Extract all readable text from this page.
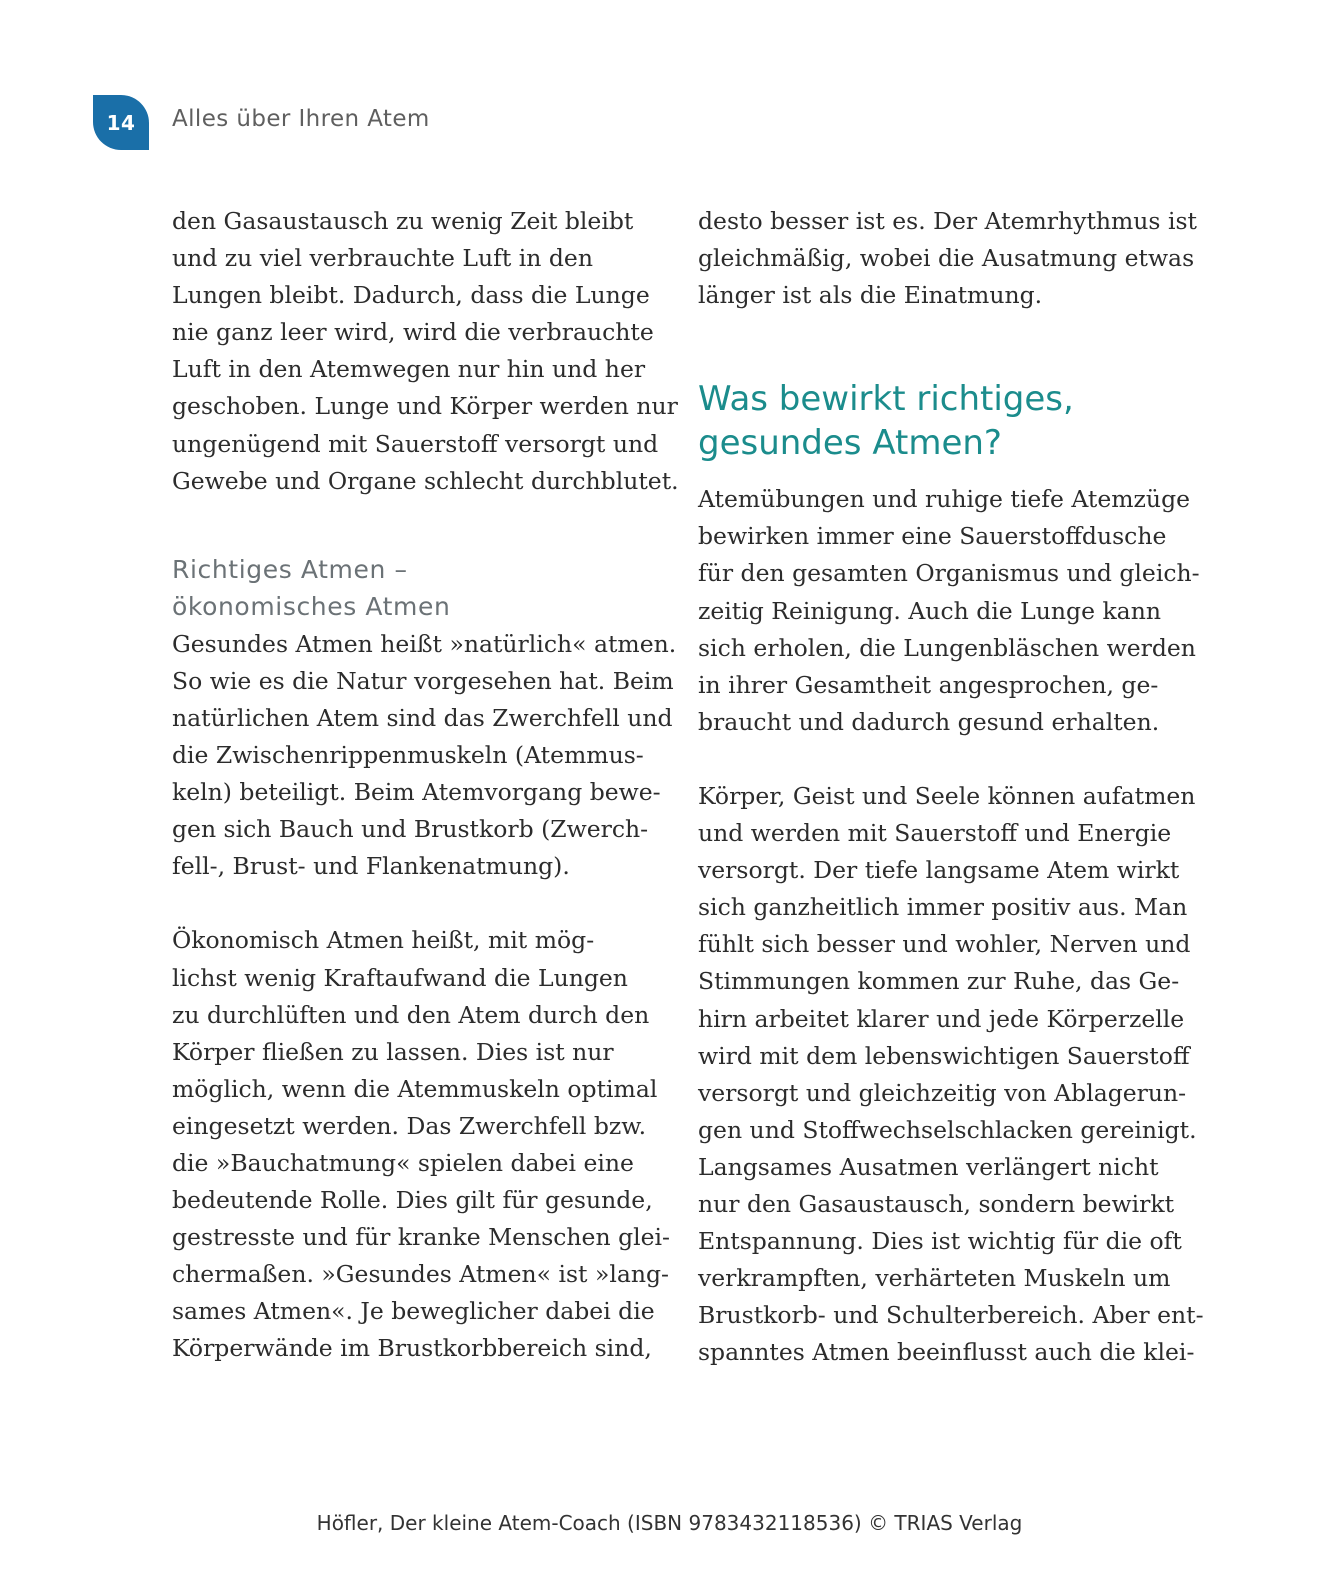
14	Alles über Ihren Atem
den Gasaustausch zu wenig Zeit bleibt
und zu viel verbrauchte Luft in den
Lungen bleibt. Dadurch, dass die Lunge
nie ganz leer wird, wird die verbrauchte
Luft in den Atemwegen nur hin und her
geschoben. Lunge und Körper werden nur
ungenügend mit Sauerstoff versorgt und
Gewebe und Organe schlecht durchblutet.
Richtiges Atmen –
ökonomisches Atmen
Gesundes Atmen heißt »natürlich« atmen.
So wie es die Natur vorgesehen hat. Beim
natürlichen Atem sind das Zwerchfell und
die Zwischenrippenmuskeln (Atemmus-
keln) beteiligt. Beim Atemvorgang bewe-
gen sich Bauch und Brustkorb (Zwerch-
fell-, Brust- und Flankenatmung).
Ökonomisch Atmen heißt, mit mög-
lichst wenig Kraftaufwand die Lungen
zu durchlüften und den Atem durch den
Körper fließen zu lassen. Dies ist nur
möglich, wenn die Atemmuskeln optimal
eingesetzt werden. Das Zwerchfell bzw.
die »Bauchatmung« spielen dabei eine
bedeutende Rolle. Dies gilt für gesunde,
gestresste und für kranke Menschen glei-
chermaßen. »Gesundes Atmen« ist »lang-
sames Atmen«. Je beweglicher dabei die
Körperwände im Brustkorbbereich sind,
desto besser ist es. Der Atemrhythmus ist
gleichmäßig, wobei die Ausatmung etwas
länger ist als die Einatmung.
Was bewirkt richtiges,
gesundes Atmen?
Atemübungen und ruhige tiefe Atemzüge
bewirken immer eine Sauerstoffdusche
für den gesamten Organismus und gleich-
zeitig Reinigung. Auch die Lunge kann
sich erholen, die Lungenbläschen werden
in ihrer Gesamtheit angesprochen, ge-
braucht und dadurch gesund erhalten.
Körper, Geist und Seele können aufatmen
und werden mit Sauerstoff und Energie
versorgt. Der tiefe langsame Atem wirkt
sich ganzheitlich immer positiv aus. Man
fühlt sich besser und wohler, Nerven und
Stimmungen kommen zur Ruhe, das Ge-
hirn arbeitet klarer und jede Körperzelle
wird mit dem lebenswichtigen Sauerstoff
versorgt und gleichzeitig von Ablagerun-
gen und Stoffwechselschlacken gereinigt.
Langsames Ausatmen verlängert nicht
nur den Gasaustausch, sondern bewirkt
Entspannung. Dies ist wichtig für die oft
verkrampften, verhärteten Muskeln um
Brustkorb- und Schulterbereich. Aber ent-
spanntes Atmen beeinflusst auch die klei-
Höfler, Der kleine Atem-Coach (ISBN 9783432118536) © TRIAS Verlag
